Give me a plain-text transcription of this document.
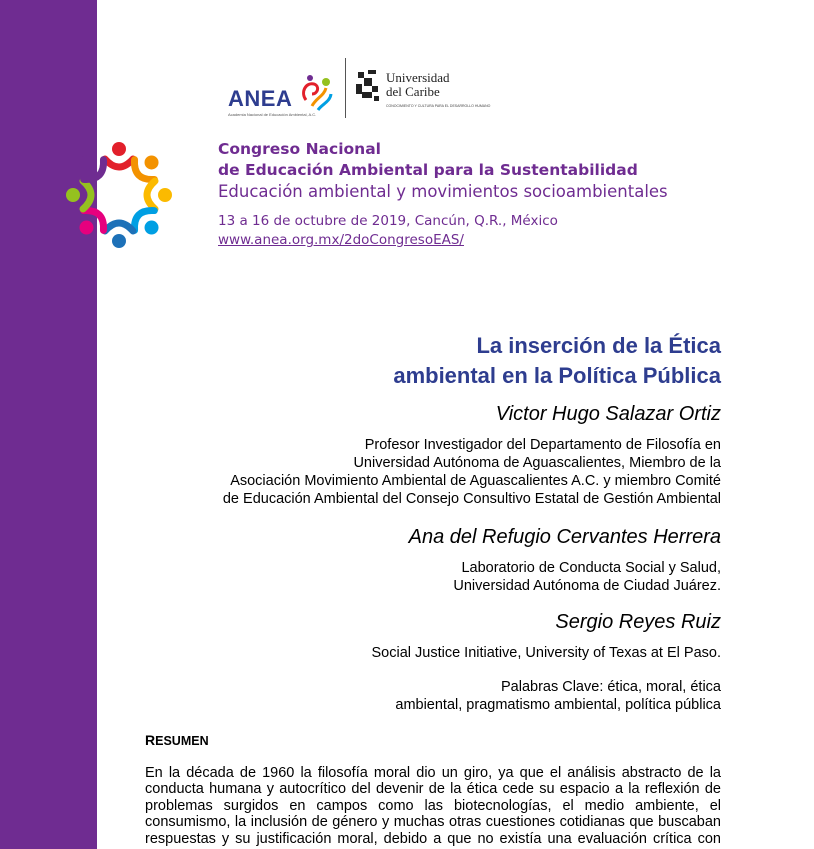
ANEA
Academia Nacional de Educación Ambiental, A.C.
Universidad
del Caribe
CONOCIMIENTO Y CULTURA PARA EL DESARROLLO HUMANO
Congreso Nacional
de Educación Ambiental para la Sustentabilidad
Educación ambiental y movimientos socioambientales
13 a 16 de octubre de 2019, Cancún, Q.R., México
www.anea.org.mx/2doCongresoEAS/
La inserción de la Ética
ambiental en la Política Pública
Victor Hugo Salazar Ortiz
Profesor Investigador del Departamento de Filosofía en
Universidad Autónoma de Aguascalientes, Miembro de la
Asociación Movimiento Ambiental de Aguascalientes A.C. y miembro Comité
de Educación Ambiental del Consejo Consultivo Estatal de Gestión Ambiental
Ana del Refugio Cervantes Herrera
Laboratorio de Conducta Social y Salud,
Universidad Autónoma de Ciudad Juárez.
Sergio Reyes Ruiz
Social Justice Initiative, University of Texas at El Paso.
Palabras Clave: ética, moral, ética
ambiental, pragmatismo ambiental, política pública
RESUMEN

En la década de 1960 la filosofía moral dio un giro, ya que el análisis abstracto de la

conducta humana y autocrítico del devenir de la ética cede su espacio a la reflexión de

problemas surgidos en campos como las biotecnologías, el medio ambiente, el

consumismo, la inclusión de género y muchas otras cuestiones cotidianas que buscaban

respuestas y su justificación moral, debido a que no existía una evaluación crítica con
